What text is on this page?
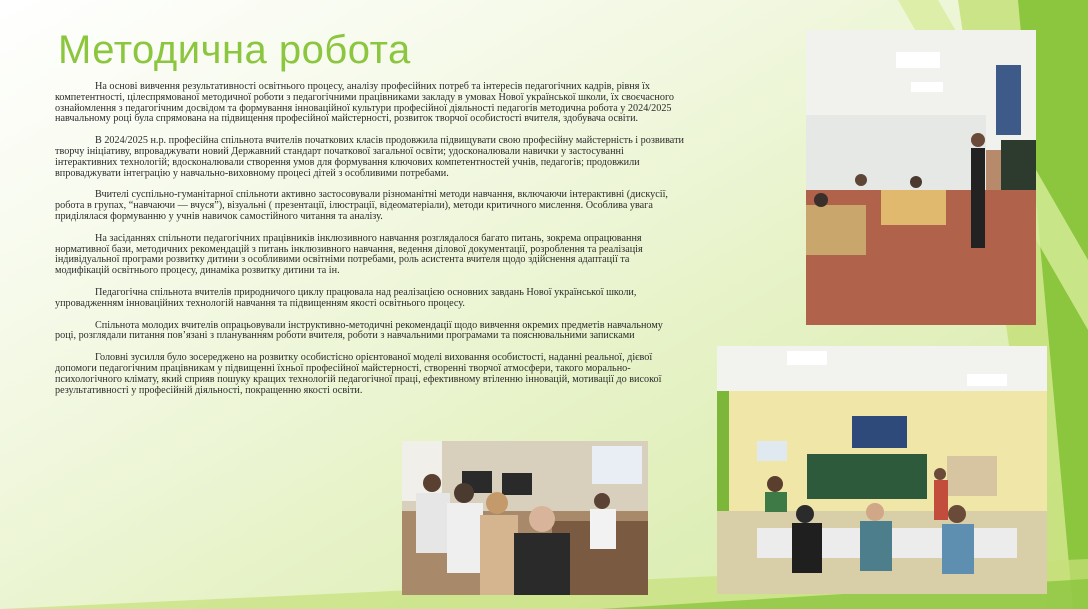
Методична робота

На основі вивчення результативності освітнього процесу, аналізу професійних потреб та інтересів педагогічних кадрів, рівня їх компетентності, цілеспрямованої методичної роботи з педагогічними працівниками закладу в умовах Нової української школи, їх своєчасного ознайомлення з педагогічним досвідом та формування інноваційної культури професійної діяльності педагогів методична робота у 2024/2025 навчальному році була спрямована на підвищення професійної майстерності, розвиток творчої особистості вчителя, здобувача освіти.

В 2024/2025 н.р. професійна спільнота вчителів початкових класів продовжила підвищувати свою професійну майстерність і розвивати творчу ініціативу, впроваджувати новий Державний стандарт початкової загальної освіти; удосконалювали навички у застосуванні інтерактивних технологій; вдосконалювали створення умов для формування ключових компетентностей учнів, педагогів; продовжили впроваджувати інтеграцію у навчально-виховному процесі дітей з особливими потребами.

Вчителі суспільно-гуманітарної спільноти активно застосовували різноманітні методи навчання, включаючи інтерактивні (дискусії, робота в групах, “навчаючи — вчуся”), візуальні ( презентації, ілюстрації, відеоматеріали), методи критичного мислення. Особлива увага приділялася формуванню у учнів навичок самостійного читання та аналізу.

На засіданнях спільноти педагогічних працівників інклюзивного навчання розглядалося багато питань, зокрема опрацювання нормативної бази, методичних рекомендацій з питань інклюзивного навчання, ведення ділової документації, розроблення та реалізація індивідуальної програми розвитку дитини з особливими освітніми потребами, роль асистента вчителя щодо здійснення адаптації та модифікацій освітнього процесу, динаміка розвитку дитини та ін.

Педагогічна спільнота вчителів природничого циклу працювала над реалізацією основних завдань Нової української школи, упровадженням інноваційних технологій навчання та підвищенням якості освітнього процесу.

Спільнота молодих вчителів опрацьовували інструктивно-методичні рекомендації щодо вивчення окремих предметів навчальному році, розглядали питання пов’язані з плануванням роботи вчителя, роботи з навчальними програмами та пояснювальними записками

Головні зусилля було зосереджено на розвитку особистісно орієнтованої моделі виховання особистості, наданні реальної, дієвої допомоги педагогічним працівникам у підвищенні їхньої професійної майстерності, створенні творчої атмосфери, такого морально-психологічного клімату, який сприяв пошуку кращих технологій педагогічної праці, ефективному втіленню інновацій, мотивації до високої результативності у професійній діяльності, покращенню якості освіти.
